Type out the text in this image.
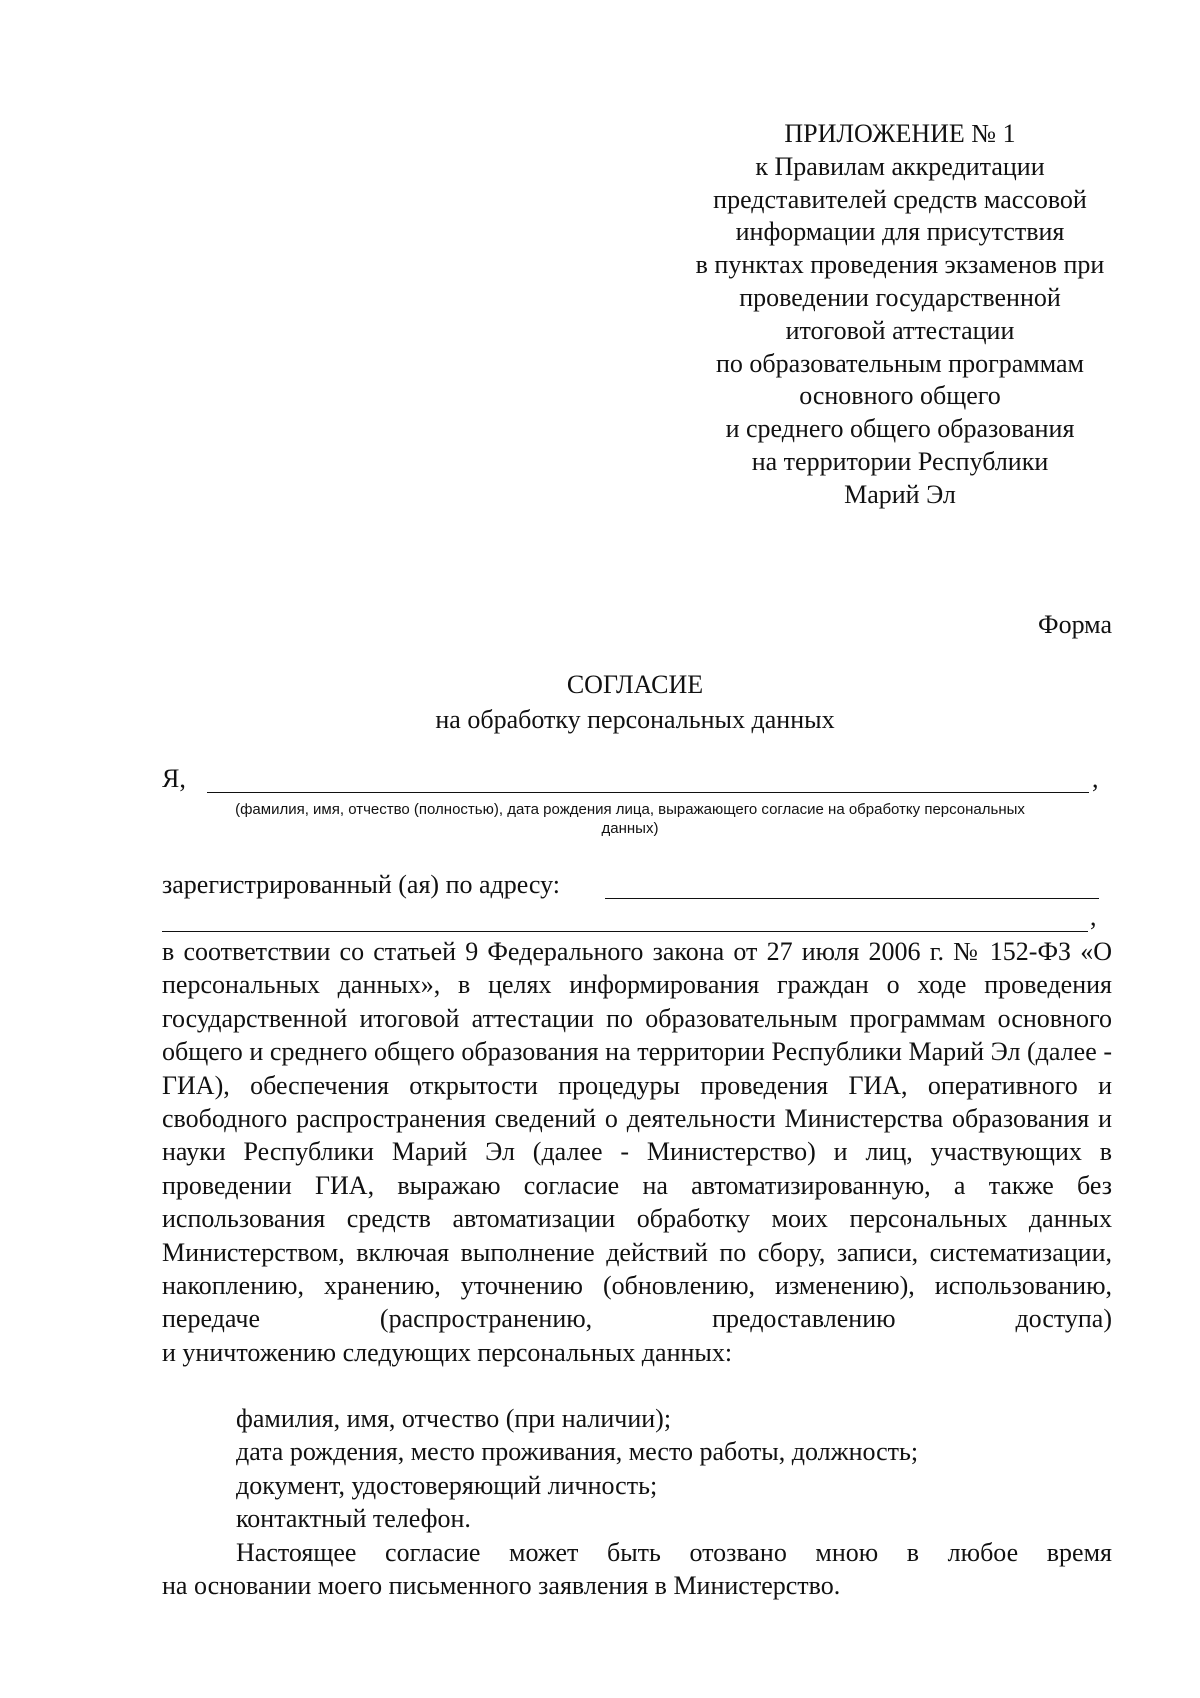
ПРИЛОЖЕНИЕ № 1
к Правилам аккредитации
представителей средств массовой
информации для присутствия
в пунктах проведения экзаменов при
проведении государственной
итоговой аттестации
по образовательным программам
основного общего
и среднего общего образования
на территории Республики
Марий Эл
Форма
СОГЛАСИЕ
на обработку персональных данных
Я,	,
(фамилия, имя, отчество (полностью), дата рождения лица, выражающего согласие на обработку персональных
данных)
зарегистрированный (ая) по адресу:
,
в соответствии со статьей 9 Федерального закона от 27 июля 2006 г. № 152-ФЗ «О персональных данных», в целях информирования граждан о ходе проведения государственной итоговой аттестации по образовательным программам основного общего и среднего общего образования на территории Республики Марий Эл (далее - ГИА), обеспечения открытости процедуры проведения ГИА, оперативного и свободного распространения сведений о деятельности Министерства образования и науки Республики Марий Эл (далее - Министерство) и лиц, участвующих в проведении ГИА, выражаю согласие на автоматизированную, а также без использования средств автоматизации обработку моих персональных данных Министерством, включая выполнение действий по сбору, записи, систематизации, накоплению, хранению, уточнению (обновлению, изменению), использованию, передаче (распространению, предоставлению доступа)
и уничтожению следующих персональных данных:
фамилия, имя, отчество (при наличии);
дата рождения, место проживания, место работы, должность;
документ, удостоверяющий личность;
контактный телефон.
Настоящее согласие может быть отозвано мною в любое время
на основании моего письменного заявления в Министерство.
